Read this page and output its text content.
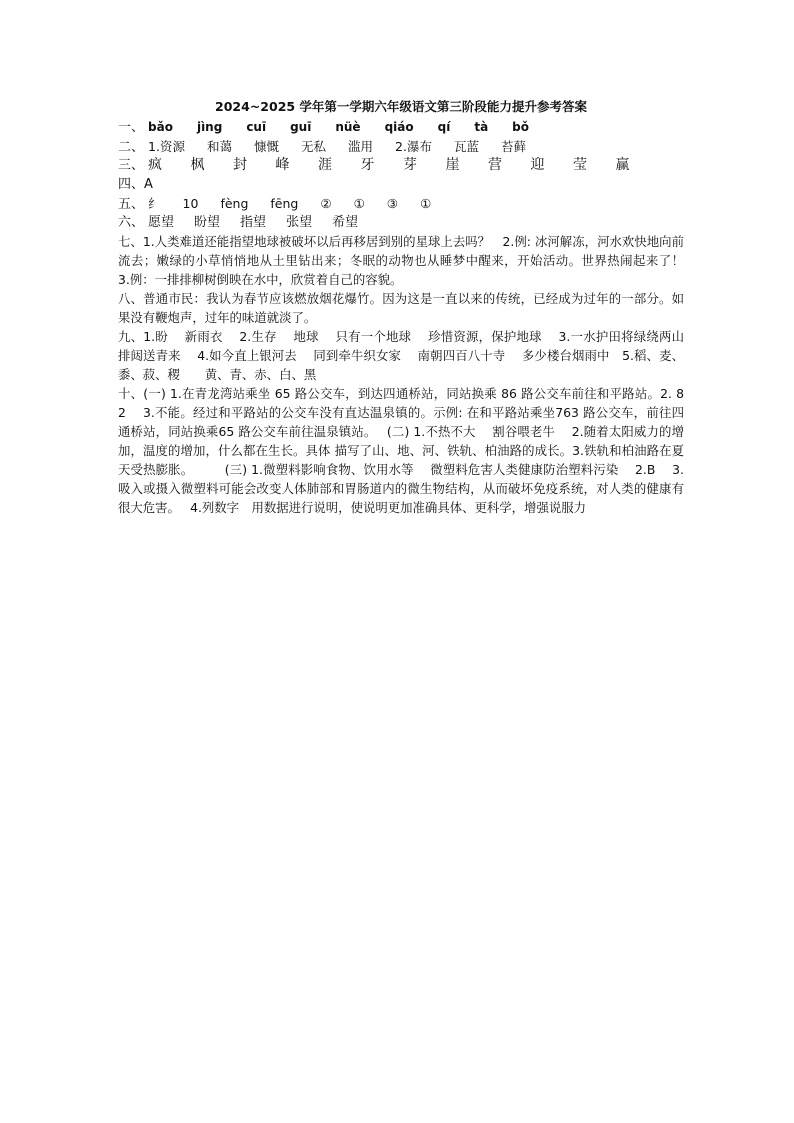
2024~2025 学年第一学期六年级语文第三阶段能力提升参考答案
一、 bǎo jìng cuī guī nüè qiáo qí tà bǒ
二、 1.资源 和蔼 慷慨 无私 滥用 2.瀑布 瓦蓝 苔藓
三、 疯 枫 封 峰 涯 牙 芽 崖 营 迎 莹 赢
四、A
五、 纟 10 fèng fēng ② ① ③ ①
六、 愿望 盼望 指望 张望 希望

七、1.人类难道还能指望地球被破坏以后再移居到别的星球上去吗？　2.例: 冰河解冻，河水欢快地向前流去；嫩绿的小草悄悄地从土里钻出来；冬眠的动物也从睡梦中醒来，开始活动。世界热闹起来了！　3.例：一排排柳树倒映在水中，欣赏着自己的容貌。

八、普通市民：我认为春节应该燃放烟花爆竹。因为这是一直以来的传统，已经成为过年的一部分。如果没有鞭炮声，过年的味道就淡了。

九、1.盼　 新雨衣　 2.生存　 地球　 只有一个地球　 珍惜资源，保护地球　 3.一水护田将绿绕两山排闼送青来　 4.如今直上银河去　 同到牵牛织女家　 南朝四百八十寺　 多少楼台烟雨中　5.稻、麦、黍、菽、稷　　黄、青、赤、白、黑

十、(一) 1.在青龙湾站乘坐 65 路公交车，到达四通桥站，同站换乘 86 路公交车前往和平路站。2. 8　 2　 3.不能。经过和平路站的公交车没有直达温泉镇的。示例: 在和平路站乘坐763 路公交车，前往四通桥站，同站换乘65 路公交车前往温泉镇站。　 (二) 1.不热不大　 割谷喂老牛　 2.随着太阳威力的增加，温度的增加，什么都在生长。具体 描写了山、地、河、铁轨、柏油路的成长。3.铁轨和柏油路在夏天受热膨胀。　　　(三) 1.微塑料影响食物、饮用水等　 微塑料危害人类健康防治塑料污染　 2.B　 3.吸入或摄入微塑料可能会改变人体肺部和胃肠道内的微生物结构，从而破坏免疫系统，对人类的健康有很大危害。　 4.列数字　用数据进行说明，使说明更加准确具体、更科学，增强说服力
